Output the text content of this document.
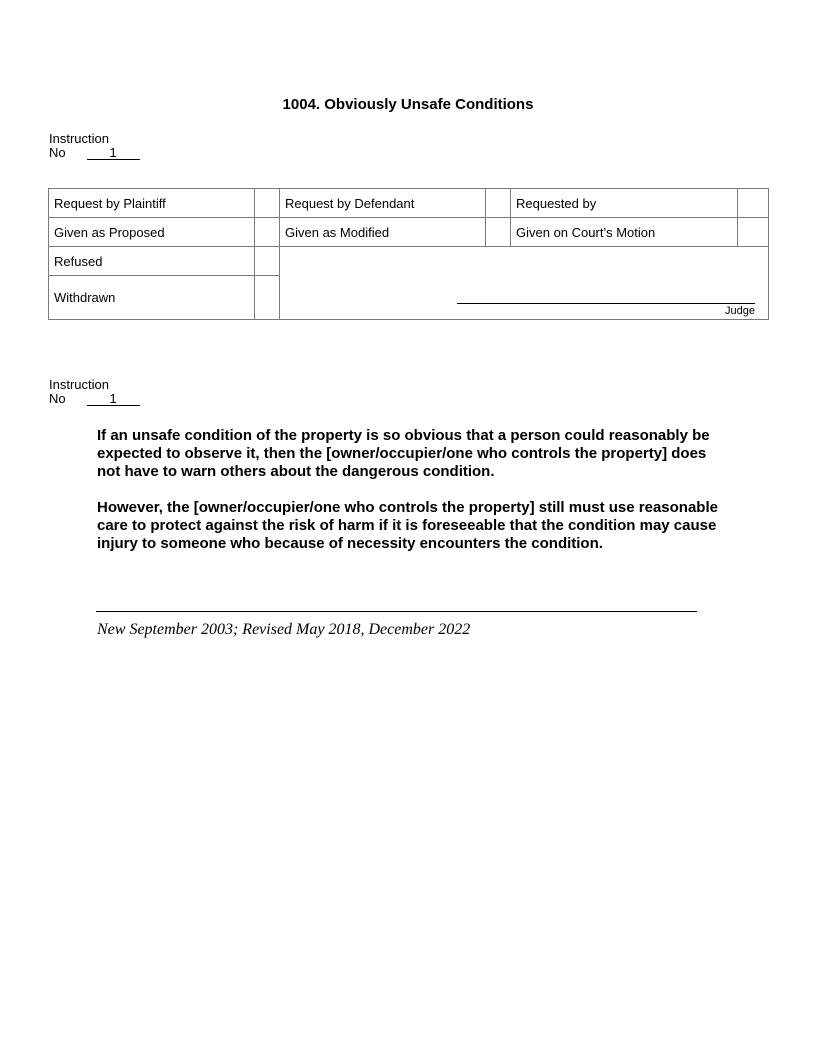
1004. Obviously Unsafe Conditions
Instruction
No	1
Request by Plaintiff		Request by Defendant		Requested by	
Given as Proposed		Given as Modified		Given on Court’s Motion	
Refused		Judge			

Withdrawn					
Instruction
No	1

If an unsafe condition of the property is so obvious that a person could reasonably be expected to observe it, then the [owner/occupier/one who controls the property] does not have to warn others about the dangerous condition.

However, the [owner/occupier/one who controls the property] still must use reasonable care to protect against the risk of harm if it is foreseeable that the condition may cause injury to someone who because of necessity encounters the condition.

New September 2003; Revised May 2018, December 2022
